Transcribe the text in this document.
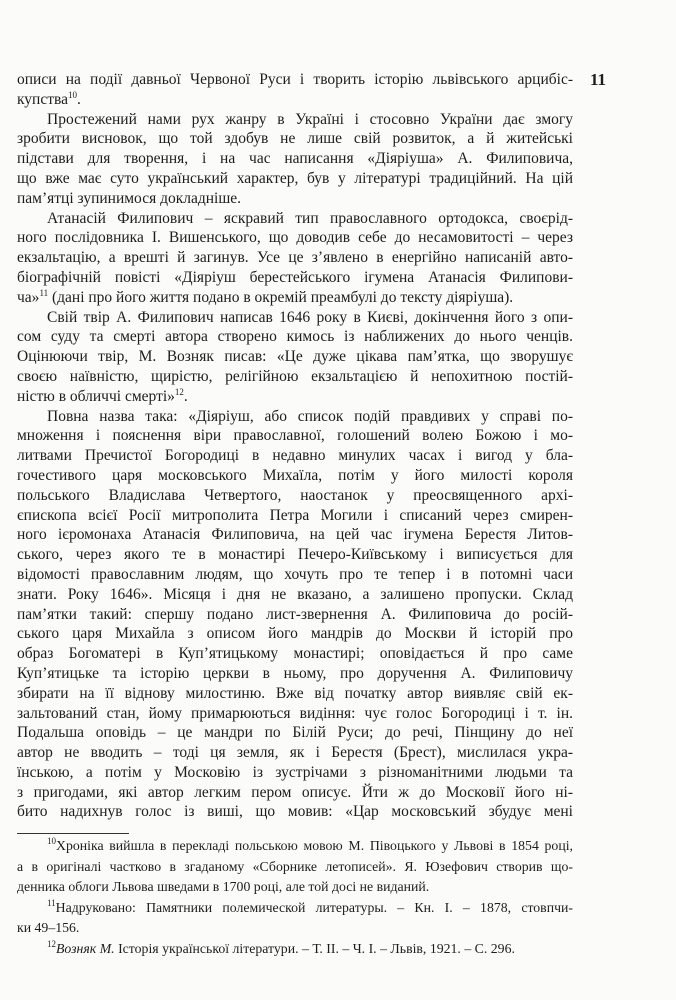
11
описи на події давньої Червоної Руси і творить історію львівського арцибіс-
купства$^{10}$.
Простежений нами рух жанру в Україні і стосовно України дає змогу
зробити висновок, що той здобув не лише свій розвиток, а й житейські
підстави для творення, і на час написання «Діяріуша» А. Филиповича,
що вже має суто український характер, був у літературі традиційний. На цій
пам’ятці зупинимося докладніше.
Атанасій Филипович – яскравий тип православного ортодокса, своєрід-
ного послідовника І. Вишенського, що доводив себе до несамовитості – через
екзальтацію, а врешті й загинув. Усе це з’явлено в енергійно написаній авто-
біографічній повісті «Діяріуш берестейського ігумена Атанасія Филипови-
ча»$^{11}$ (дані про його життя подано в окремій преамбулі до тексту діяріуша).
Свій твір А. Филипович написав 1646 року в Києві, докінчення його з опи-
сом суду та смерті автора створено кимось із наближених до нього ченців.
Оцінюючи твір, М. Возняк писав: «Це дуже цікава пам’ятка, що зворушує
своєю наївністю, щирістю, релігійною екзальтацією й непохитною постій-
ністю в обличчі смерті»$^{12}$.
Повна назва така: «Діяріуш, або список подій правдивих у справі по-
множення і пояснення віри православної, голошений волею Божою і мо-
литвами Пречистої Богородиці в недавно минулих часах і вигод у бла-
гочестивого царя московського Михаїла, потім у його милості короля
польського Владислава Четвертого, наостанок у преосвященного архі-
єпископа всієї Росії митрополита Петра Могили і списаний через смирен-
ного ієромонаха Атанасія Филиповича, на цей час ігумена Берестя Литов-
ського, через якого те в монастирі Печеро-Київському і виписується для
відомості православним людям, що хочуть про те тепер і в потомні часи
знати. Року 1646». Місяця і дня не вказано, а залишено пропуски. Склад
пам’ятки такий: спершу подано лист-звернення А. Филиповича до росій-
ського царя Михайла з описом його мандрів до Москви й історій про
образ Богоматері в Куп’ятицькому монастирі; оповідається й про саме
Куп’ятицьке та історію церкви в ньому, про доручення А. Филиповичу
збирати на її віднову милостиню. Вже від початку автор виявляє свій ек-
зальтований стан, йому примарюються видіння: чує голос Богородиці і т. ін.
Подальша оповідь – це мандри по Білій Руси; до речі, Пінщину до неї
автор не вводить – тоді ця земля, як і Берестя (Брест), мислилася укра-
їнською, а потім у Московію із зустрічами з різноманітними людьми та
з пригодами, які автор легким пером описує. Йти ж до Московії його ні-
бито надихнув голос із виші, що мовив: «Цар московський збудує мені
$^{10}$Хроніка вийшла в перекладі польською мовою М. Півоцького у Львові в 1854 році,
а в оригіналі частково в згаданому «Сборнике летописей». Я. Юзефович створив що-
денника облоги Львова шведами в 1700 році, але той досі не виданий.
$^{11}$Надруковано: Памятники полемической литературы. – Кн. I. – 1878, стовпчи-
ки 49–156.
$^{12}$Возняк М. Історія української літератури. – Т. II. – Ч. I. – Львів, 1921. – С. 296.
